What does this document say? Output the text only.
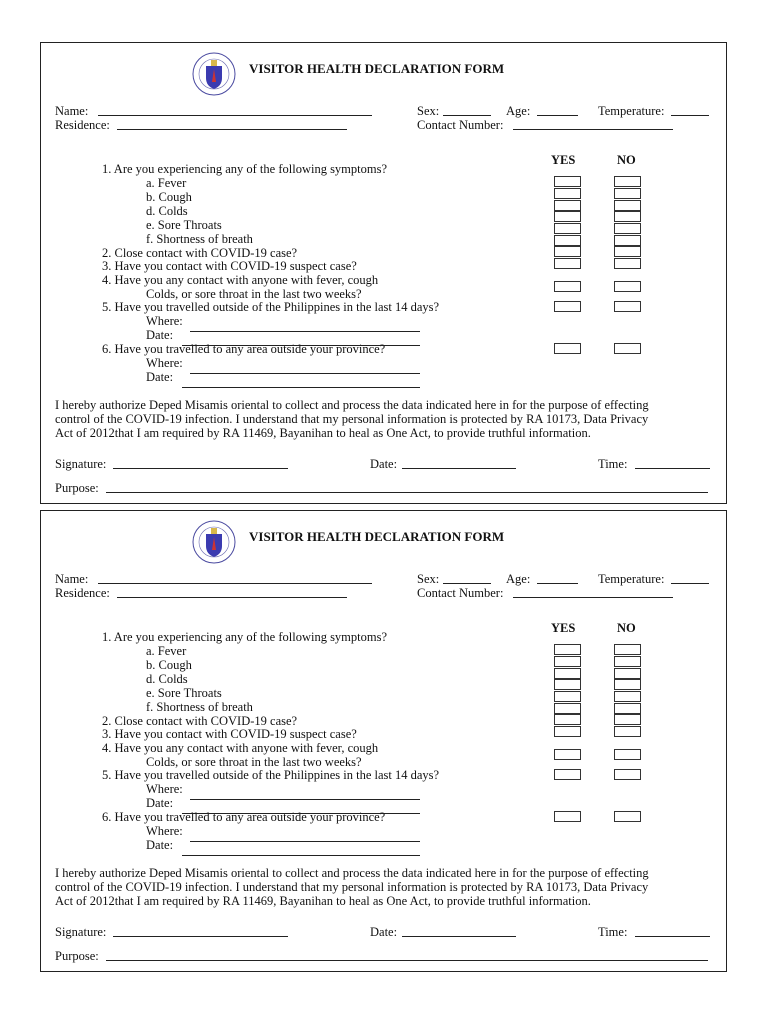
VISITOR HEALTH DECLARATION FORM
Name:	Sex:	Age:	Temperature:
Residence:	Contact Number:
YES	NO
1. Are you experiencing any of the following symptoms?
a. Fever
b. Cough
d. Colds
e. Sore Throats
f. Shortness of breath
2. Close contact with COVID-19 case?
3. Have you contact with COVID-19 suspect case?
4. Have you any contact with anyone with fever, cough
Colds, or sore throat in the last two weeks?
5. Have you travelled outside of the Philippines in the last 14 days?
Where:
Date:
6. Have you travelled to any area outside your province?
Where:
Date:
I hereby authorize Deped Misamis oriental to collect and process the data indicated here in for the purpose of effecting
control of the COVID-19 infection. I understand that my personal information is protected by RA 10173, Data Privacy
Act of 2012that I am required by RA 11469, Bayanihan to heal as One Act, to provide truthful information.
Signature:	Date:	Time:
Purpose:
VISITOR HEALTH DECLARATION FORM
Name:	Sex:	Age:	Temperature:
Residence:	Contact Number:
YES	NO
1. Are you experiencing any of the following symptoms?
a. Fever
b. Cough
d. Colds
e. Sore Throats
f. Shortness of breath
2. Close contact with COVID-19 case?
3. Have you contact with COVID-19 suspect case?
4. Have you any contact with anyone with fever, cough
Colds, or sore throat in the last two weeks?
5. Have you travelled outside of the Philippines in the last 14 days?
Where:
Date:
6. Have you travelled to any area outside your province?
Where:
Date:
I hereby authorize Deped Misamis oriental to collect and process the data indicated here in for the purpose of effecting
control of the COVID-19 infection. I understand that my personal information is protected by RA 10173, Data Privacy
Act of 2012that I am required by RA 11469, Bayanihan to heal as One Act, to provide truthful information.
Signature:	Date:	Time:
Purpose:
